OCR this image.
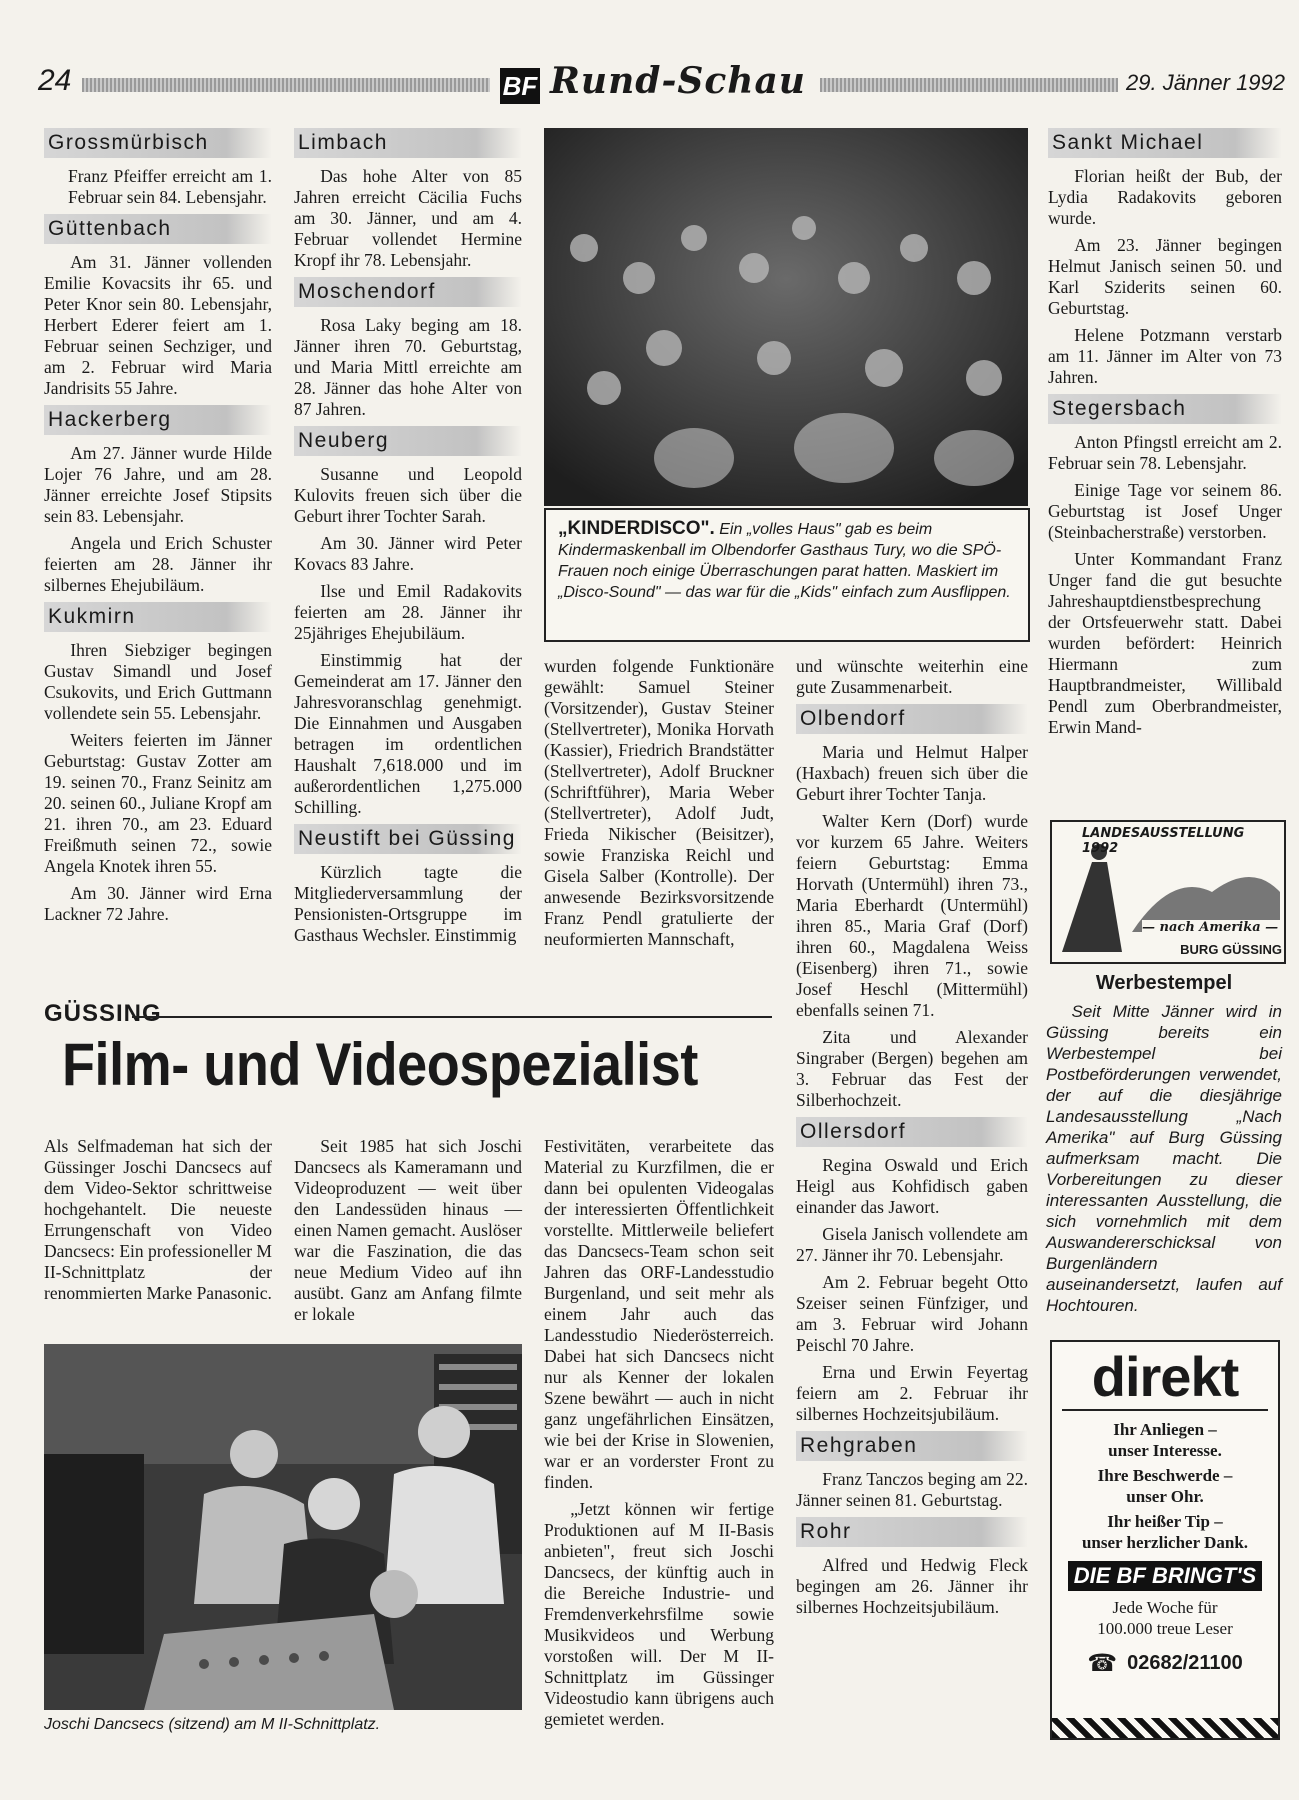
24	BF Rund-Schau	29. Jänner 1992
Grossmürbisch

Franz Pfeiffer erreicht am 1. Februar sein 84. Lebensjahr.

Güttenbach

Am 31. Jänner vollenden Emilie Kovacsits ihr 65. und Peter Knor sein 80. Lebensjahr, Herbert Ederer feiert am 1. Februar seinen Sechziger, und am 2. Februar wird Maria Jandrisits 55 Jahre.

Hackerberg

Am 27. Jänner wurde Hilde Lojer 76 Jahre, und am 28. Jänner erreichte Josef Stipsits sein 83. Lebensjahr.

Angela und Erich Schuster feierten am 28. Jänner ihr silbernes Ehejubiläum.

Kukmirn

Ihren Siebziger begingen Gustav Simandl und Josef Csukovits, und Erich Guttmann vollendete sein 55. Lebensjahr.

Weiters feierten im Jänner Geburtstag: Gustav Zotter am 19. seinen 70., Franz Seinitz am 20. seinen 60., Juliane Kropf am 21. ihren 70., am 23. Eduard Freißmuth seinen 72., sowie Angela Knotek ihren 55.

Am 30. Jänner wird Erna Lackner 72 Jahre.

Limbach

Das hohe Alter von 85 Jahren erreicht Cäcilia Fuchs am 30. Jänner, und am 4. Februar vollendet Hermine Kropf ihr 78. Lebensjahr.

Moschendorf

Rosa Laky beging am 18. Jänner ihren 70. Geburtstag, und Maria Mittl erreichte am 28. Jänner das hohe Alter von 87 Jahren.

Neuberg

Susanne und Leopold Kulovits freuen sich über die Geburt ihrer Tochter Sarah.

Am 30. Jänner wird Peter Kovacs 83 Jahre.

Ilse und Emil Radakovits feierten am 28. Jänner ihr 25jähriges Ehejubiläum.

Einstimmig hat der Gemeinderat am 17. Jänner den Jahresvoranschlag genehmigt. Die Einnahmen und Ausgaben betragen im ordentlichen Haushalt 7,618.000 und im außerordentlichen 1,275.000 Schilling.

Neustift bei Güssing

Kürzlich tagte die Mitgliederversammlung der Pensionisten-Ortsgruppe im Gasthaus Wechsler. Einstimmig

„KINDERDISCO". Ein „volles Haus" gab es beim Kindermaskenball im Olbendorfer Gasthaus Tury, wo die SPÖ-Frauen noch einige Überraschungen parat hatten. Maskiert im „Disco-Sound" — das war für die „Kids" einfach zum Ausflippen.

wurden folgende Funktionäre gewählt: Samuel Steiner (Vorsitzender), Gustav Steiner (Stellvertreter), Monika Horvath (Kassier), Friedrich Brandstätter (Stellvertreter), Adolf Bruckner (Schriftführer), Maria Weber (Stellvertreter), Adolf Judt, Frieda Nikischer (Beisitzer), sowie Franziska Reichl und Gisela Salber (Kontrolle). Der anwesende Bezirksvorsitzende Franz Pendl gratulierte der neuformierten Mannschaft,

und wünschte weiterhin eine gute Zusammenarbeit.

Olbendorf

Maria und Helmut Halper (Haxbach) freuen sich über die Geburt ihrer Tochter Tanja.

Walter Kern (Dorf) wurde vor kurzem 65 Jahre. Weiters feiern Geburtstag: Emma Horvath (Untermühl) ihren 73., Maria Eberhardt (Untermühl) ihren 85., Maria Graf (Dorf) ihren 60., Magdalena Weiss (Eisenberg) ihren 71., sowie Josef Heschl (Mittermühl) ebenfalls seinen 71.

Zita und Alexander Singraber (Bergen) begehen am 3. Februar das Fest der Silberhochzeit.

Ollersdorf

Regina Oswald und Erich Heigl aus Kohfidisch gaben einander das Jawort.

Gisela Janisch vollendete am 27. Jänner ihr 70. Lebensjahr.

Am 2. Februar begeht Otto Szeiser seinen Fünfziger, und am 3. Februar wird Johann Peischl 70 Jahre.

Erna und Erwin Feyertag feiern am 2. Februar ihr silbernes Hochzeitsjubiläum.

Rehgraben

Franz Tanczos beging am 22. Jänner seinen 81. Geburtstag.

Rohr

Alfred und Hedwig Fleck begingen am 26. Jänner ihr silbernes Hochzeitsjubiläum.

Sankt Michael

Florian heißt der Bub, der Lydia Radakovits geboren wurde.

Am 23. Jänner begingen Helmut Janisch seinen 50. und Karl Sziderits seinen 60. Geburtstag.

Helene Potzmann verstarb am 11. Jänner im Alter von 73 Jahren.

Stegersbach

Anton Pfingstl erreicht am 2. Februar sein 78. Lebensjahr.

Einige Tage vor seinem 86. Geburtstag ist Josef Unger (Steinbacherstraße) verstorben.

Unter Kommandant Franz Unger fand die gut besuchte Jahreshauptdienstbesprechung der Ortsfeuerwehr statt. Dabei wurden befördert: Heinrich Hiermann zum Hauptbrandmeister, Willibald Pendl zum Oberbrandmeister, Erwin Mand-

LANDESAUSSTELLUNG 1992
— nach Amerika —
BURG GÜSSING
Werbestempel
Seit Mitte Jänner wird in Güssing bereits ein Werbestempel bei Postbeförderungen verwendet, der auf die diesjährige Landesausstellung „Nach Amerika" auf Burg Güssing aufmerksam macht. Die Vorbereitungen zu dieser interessanten Ausstellung, die sich vornehmlich mit dem Auswandererschicksal von Burgenländern auseinandersetzt, laufen auf Hochtouren.
GÜSSING
Film- und Videospezialist

Als Selfmademan hat sich der Güssinger Joschi Dancsecs auf dem Video-Sektor schrittweise hochgehantelt. Die neueste Errungenschaft von Video Dancsecs: Ein professioneller M II-Schnittplatz der renommierten Marke Panasonic.

Seit 1985 hat sich Joschi Dancsecs als Kameramann und Videoproduzent — weit über den Landessüden hinaus — einen Namen gemacht. Auslöser war die Faszination, die das neue Medium Video auf ihn ausübt. Ganz am Anfang filmte er lokale

Festivitäten, verarbeitete das Material zu Kurzfilmen, die er dann bei opulenten Videogalas der interessierten Öffentlichkeit vorstellte. Mittlerweile beliefert das Dancsecs-Team schon seit Jahren das ORF-Landesstudio Burgenland, und seit mehr als einem Jahr auch das Landesstudio Niederösterreich. Dabei hat sich Dancsecs nicht nur als Kenner der lokalen Szene bewährt — auch in nicht ganz ungefährlichen Einsätzen, wie bei der Krise in Slowenien, war er an vorderster Front zu finden.

„Jetzt können wir fertige Produktionen auf M II-Basis anbieten", freut sich Joschi Dancsecs, der künftig auch in die Bereiche Industrie- und Fremdenverkehrsfilme sowie Musikvideos und Werbung vorstoßen will. Der M II-Schnittplatz im Güssinger Videostudio kann übrigens auch gemietet werden.

Joschi Dancsecs (sitzend) am M II-Schnittplatz.
direkt
Ihr Anliegen –
unser Interesse.
Ihre Beschwerde –
unser Ohr.
Ihr heißer Tip –
unser herzlicher Dank.
DIE BF BRINGT'S
Jede Woche für
100.000 treue Leser
☎ 02682/21100
